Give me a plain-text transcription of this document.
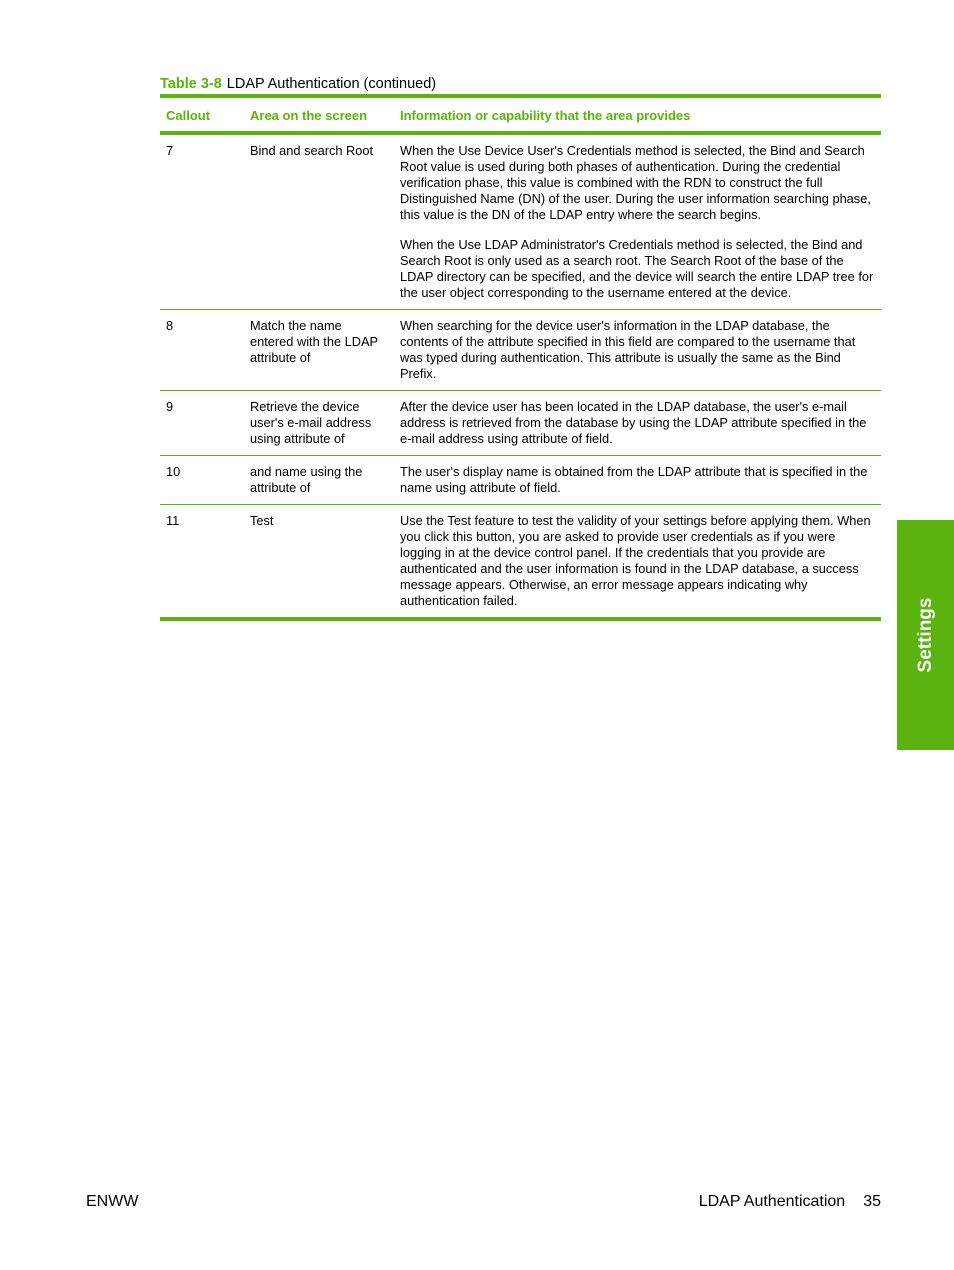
Table 3-8 LDAP Authentication (continued)
Callout	Area on the screen	Information or capability that the area provides
7	Bind and search Root	When the Use Device User's Credentials method is selected, the Bind and Search Root value is used during both phases of authentication. During the credential verification phase, this value is combined with the RDN to construct the full Distinguished Name (DN) of the user. During the user information searching phase, this value is the DN of the LDAP entry where the search begins.

When the Use LDAP Administrator's Credentials method is selected, the Bind and Search Root is only used as a search root. The Search Root of the base of the LDAP directory can be specified, and the device will search the entire LDAP tree for the user object corresponding to the username entered at the device.

8	Match the name entered with the LDAP attribute of	When searching for the device user's information in the LDAP database, the contents of the attribute specified in this field are compared to the username that was typed during authentication. This attribute is usually the same as the Bind Prefix.

9	Retrieve the device user's e-mail address using attribute of	After the device user has been located in the LDAP database, the user's e-mail address is retrieved from the database by using the LDAP attribute specified in the e-mail address using attribute of field.

10	and name using the attribute of	The user's display name is obtained from the LDAP attribute that is specified in the name using attribute of field.

11	Test	Use the Test feature to test the validity of your settings before applying them. When you click this button, you are asked to provide user credentials as if you were logging in at the device control panel. If the credentials that you provide are authenticated and the user information is found in the LDAP database, a success message appears. Otherwise, an error message appears indicating why authentication failed.	Settings
ENWW	LDAP Authentication 35
